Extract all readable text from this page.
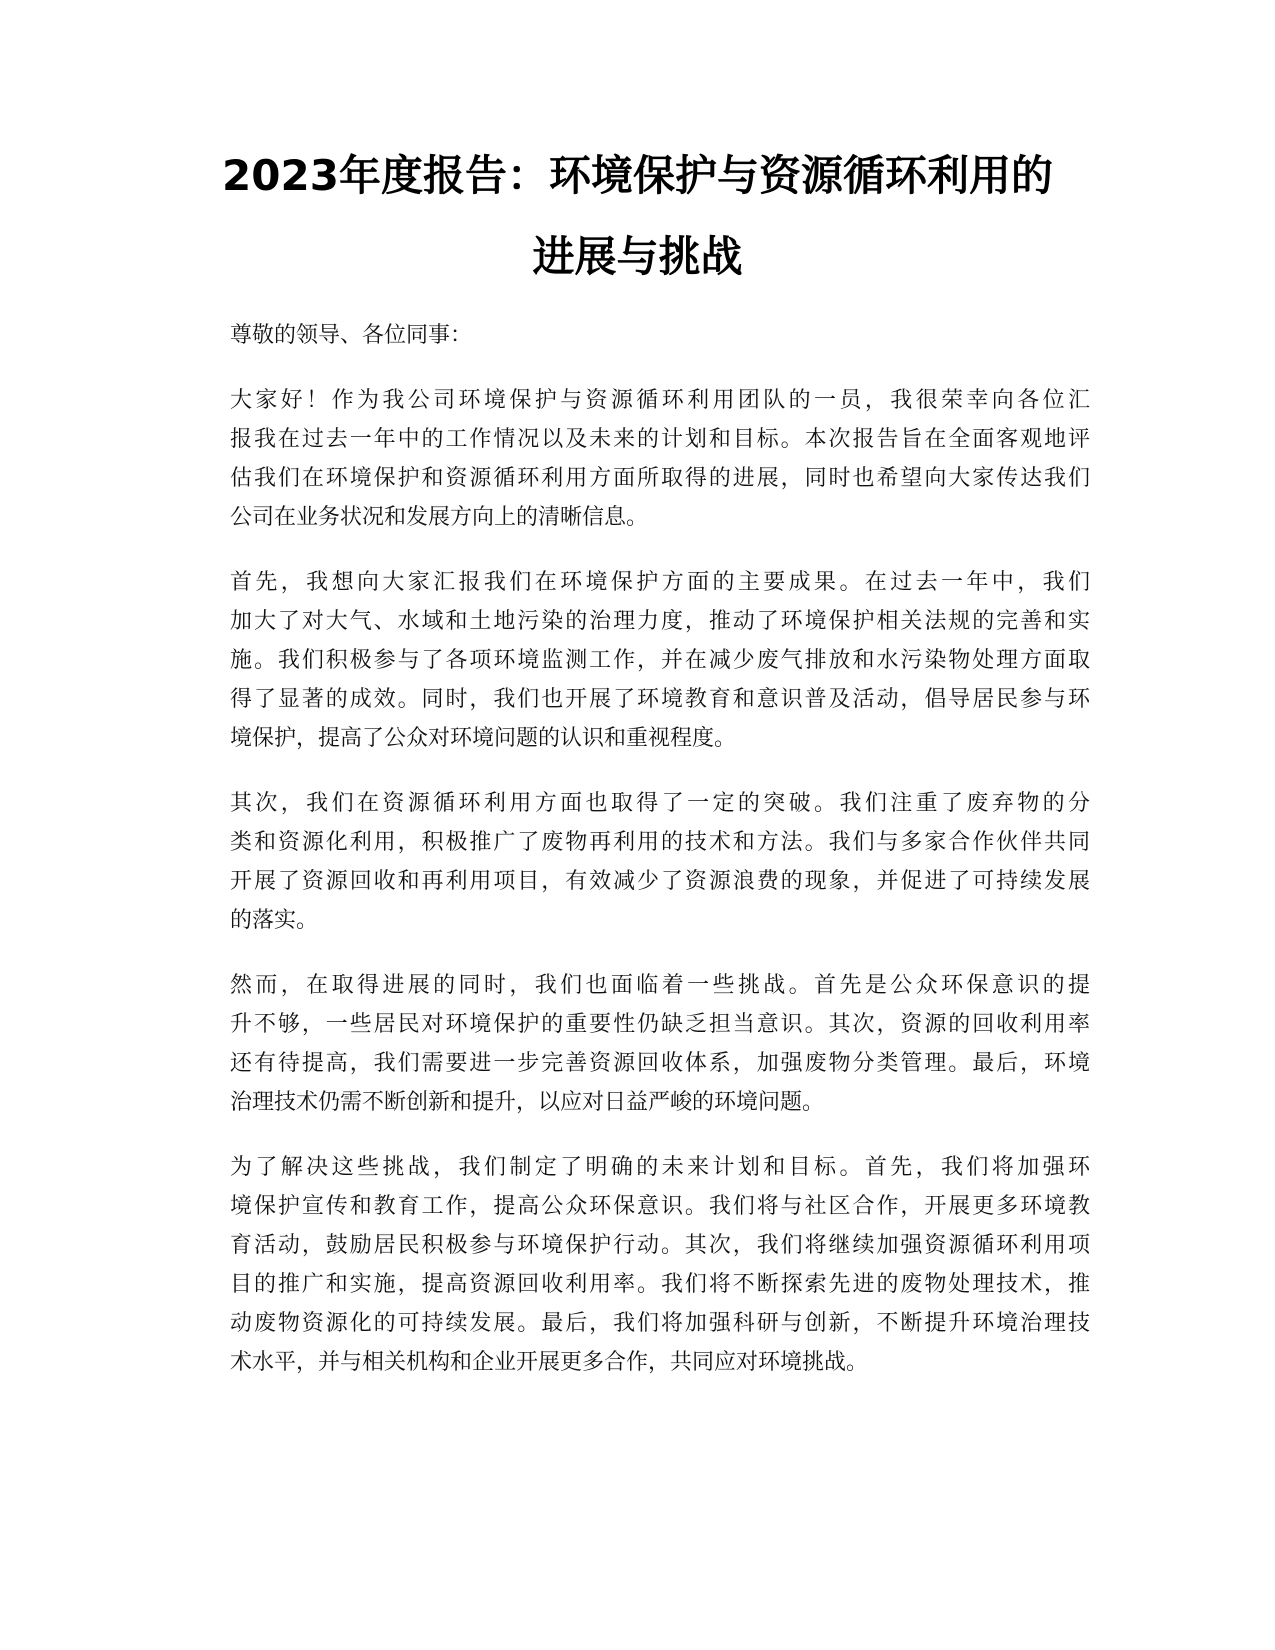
2023年度报告：环境保护与资源循环利用的
进展与挑战

尊敬的领导、各位同事：

大家好！作为我公司环境保护与资源循环利用团队的一员，我很荣幸向各位汇
报我在过去一年中的工作情况以及未来的计划和目标。本次报告旨在全面客观地评
估我们在环境保护和资源循环利用方面所取得的进展，同时也希望向大家传达我们
公司在业务状况和发展方向上的清晰信息。

首先，我想向大家汇报我们在环境保护方面的主要成果。在过去一年中，我们
加大了对大气、水域和土地污染的治理力度，推动了环境保护相关法规的完善和实
施。我们积极参与了各项环境监测工作，并在减少废气排放和水污染物处理方面取
得了显著的成效。同时，我们也开展了环境教育和意识普及活动，倡导居民参与环
境保护，提高了公众对环境问题的认识和重视程度。

其次，我们在资源循环利用方面也取得了一定的突破。我们注重了废弃物的分
类和资源化利用，积极推广了废物再利用的技术和方法。我们与多家合作伙伴共同
开展了资源回收和再利用项目，有效减少了资源浪费的现象，并促进了可持续发展
的落实。

然而，在取得进展的同时，我们也面临着一些挑战。首先是公众环保意识的提
升不够，一些居民对环境保护的重要性仍缺乏担当意识。其次，资源的回收利用率
还有待提高，我们需要进一步完善资源回收体系，加强废物分类管理。最后，环境
治理技术仍需不断创新和提升，以应对日益严峻的环境问题。

为了解决这些挑战，我们制定了明确的未来计划和目标。首先，我们将加强环
境保护宣传和教育工作，提高公众环保意识。我们将与社区合作，开展更多环境教
育活动，鼓励居民积极参与环境保护行动。其次，我们将继续加强资源循环利用项
目的推广和实施，提高资源回收利用率。我们将不断探索先进的废物处理技术，推
动废物资源化的可持续发展。最后，我们将加强科研与创新，不断提升环境治理技
术水平，并与相关机构和企业开展更多合作，共同应对环境挑战。
